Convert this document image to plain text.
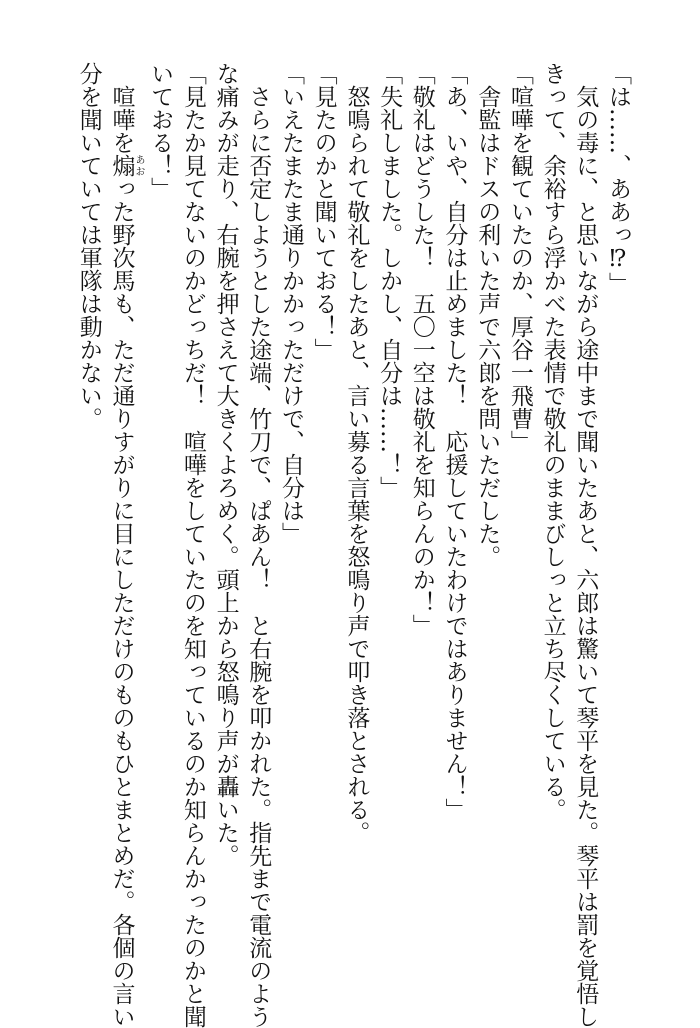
「は……、ああっ⁉」
　気の毒に、と思いながら途中まで聞いたあと、六郎は驚いて琴平を見た。琴平は罰を覚悟し
きって、余裕すら浮かべた表情で敬礼のままびしっと立ち尽くしている。
「喧嘩を観ていたのか、厚谷一飛曹」
　舎監はドスの利いた声で六郎を問いただした。
「あ、いや、自分は止めました！　応援していたわけではありません！」
「敬礼はどうした！　五〇一空は敬礼を知らんのか！」
「失礼しました。しかし、自分は……！」
　怒鳴られて敬礼をしたあと、言い募る言葉を怒鳴り声で叩き落とされる。
「見たのかと聞いておる！」
「いえたまたま通りかかっただけで、自分は」
　さらに否定しようとした途端、竹刀で、ぱあん！　と右腕を叩かれた。指先まで電流のよう
な痛みが走り、右腕を押さえて大きくよろめく。頭上から怒鳴り声が轟いた。
「見たか見てないのかどっちだ！　喧嘩をしていたのを知っているのか知らんかったのかと聞
いておる！」
　喧嘩を煽あおった野次馬も、ただ通りすがりに目にしただけのものもひとまとめだ。各個の言い
分を聞いていては軍隊は動かない。
